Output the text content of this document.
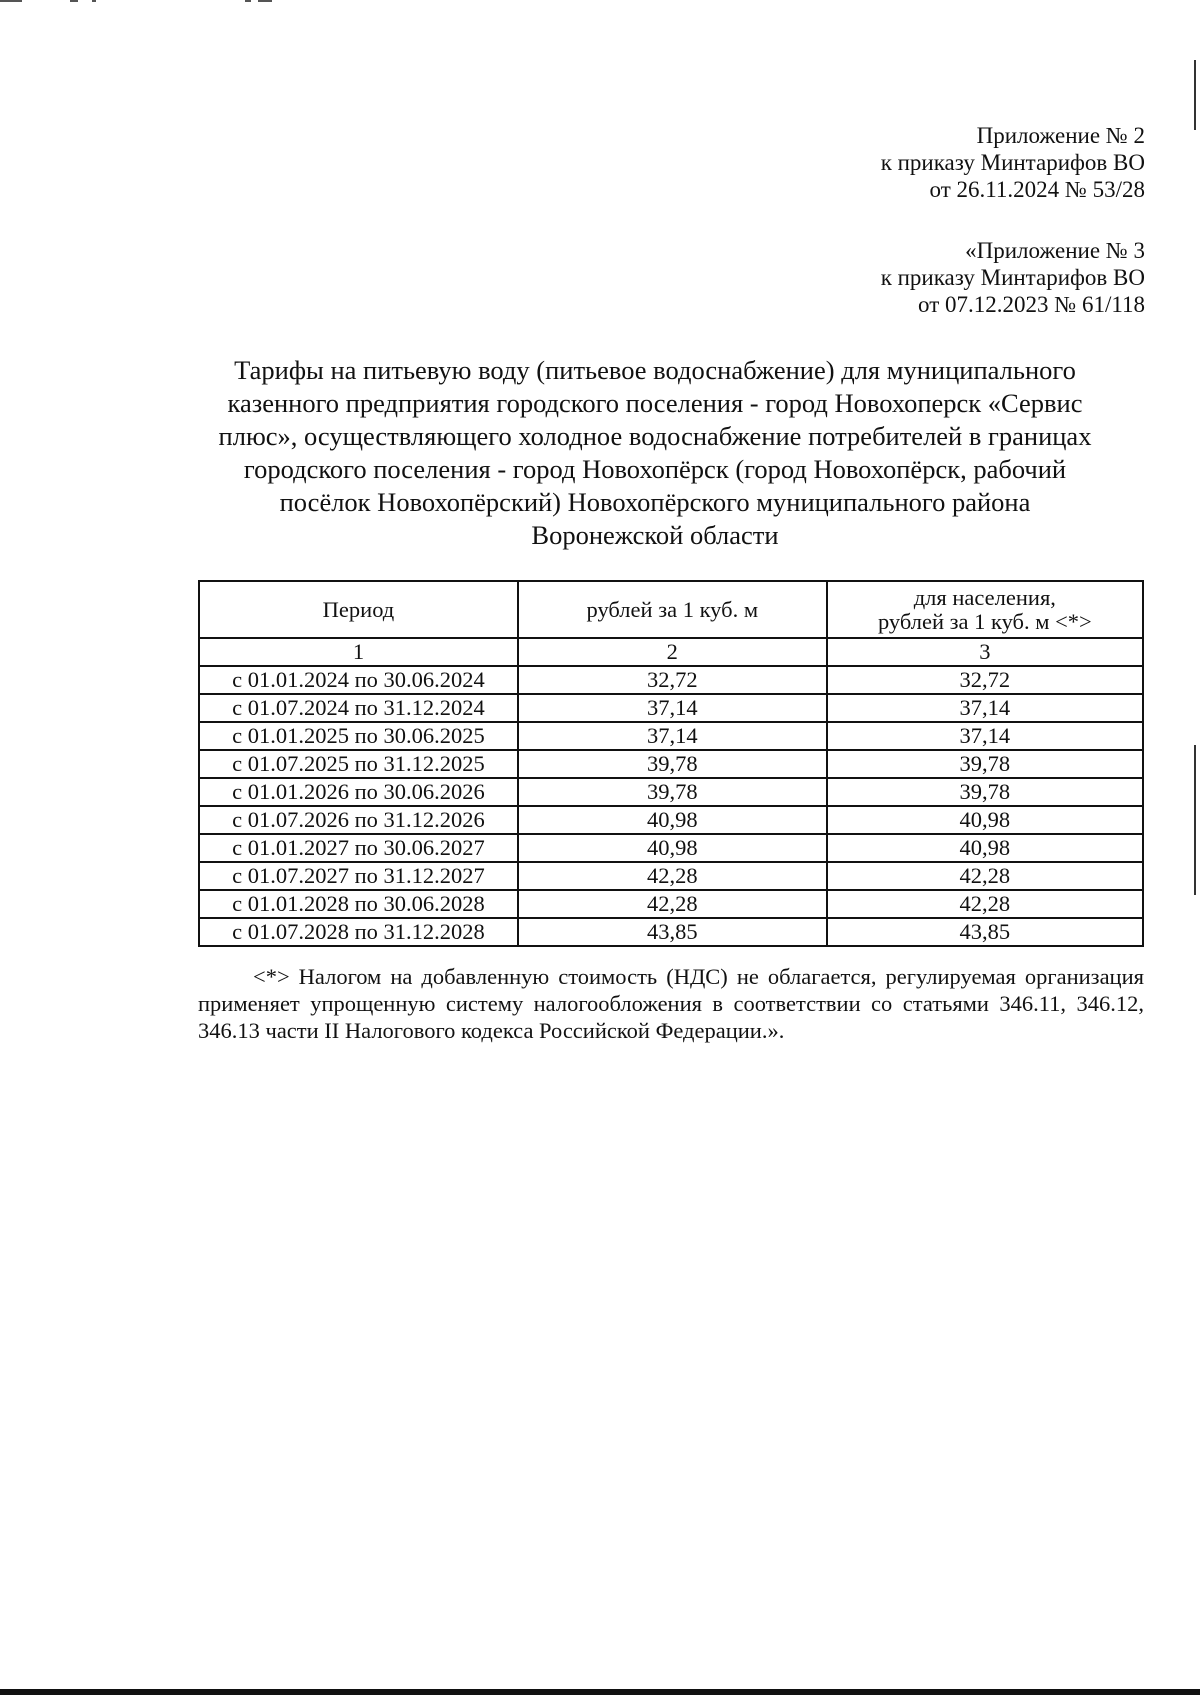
Приложение № 2
к приказу Минтарифов ВО
от 26.11.2024 № 53/28
«Приложение № 3
к приказу Минтарифов ВО
от 07.12.2023 № 61/118
Тарифы на питьевую воду (питьевое водоснабжение) для муниципального
казенного предприятия городского поселения - город Новохоперск «Сервис
плюс», осуществляющего холодное водоснабжение потребителей в границах
городского поселения - город Новохопёрск (город Новохопёрск, рабочий
посёлок Новохопёрский) Новохопёрского муниципального района
Воронежской области
Период	рублей за 1 куб. м	для населения,
рублей за 1 куб. м <*>

1	2	3
с 01.01.2024 по 30.06.2024	32,72	32,72
с 01.07.2024 по 31.12.2024	37,14	37,14
с 01.01.2025 по 30.06.2025	37,14	37,14
с 01.07.2025 по 31.12.2025	39,78	39,78
с 01.01.2026 по 30.06.2026	39,78	39,78
с 01.07.2026 по 31.12.2026	40,98	40,98
с 01.01.2027 по 30.06.2027	40,98	40,98
с 01.07.2027 по 31.12.2027	42,28	42,28
с 01.01.2028 по 30.06.2028	42,28	42,28
с 01.07.2028 по 31.12.2028	43,85	43,85

<*> Налогом на добавленную стоимость (НДС) не облагается, регулируемая организация применяет упрощенную систему налогообложения в соответствии со статьями 346.11, 346.12, 346.13 части II Налогового кодекса Российской Федерации.».
